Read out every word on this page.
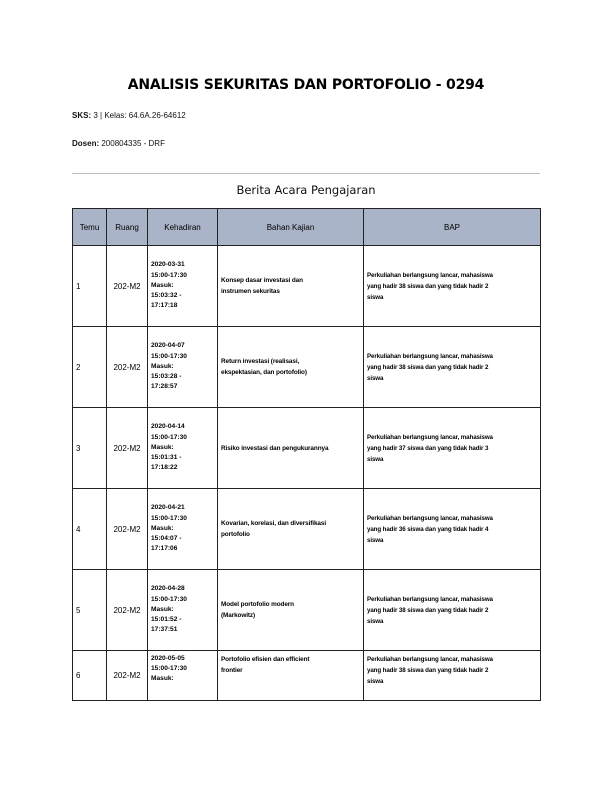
ANALISIS SEKURITAS DAN PORTOFOLIO - 0294
SKS: 3 | Kelas: 64.6A.26-64612
Dosen: 200804335 - DRF
Berita Acara Pengajaran
Temu	Ruang	Kehadiran	Bahan Kajian	BAP

1	202-M2	2020-03-31
15:00-17:30
Masuk:
15:03:32 -
17:17:18	Konsep dasar investasi dan
instrumen sekuritas	Perkuliahan berlangsung lancar, mahasiswa
yang hadir 38 siswa dan yang tidak hadir 2
siswa

2	202-M2	2020-04-07
15:00-17:30
Masuk:
15:03:28 -
17:28:57	Return investasi (realisasi,
ekspektasian, dan portofolio)	Perkuliahan berlangsung lancar, mahasiswa
yang hadir 38 siswa dan yang tidak hadir 2
siswa

3	202-M2	2020-04-14
15:00-17:30
Masuk:
15:01:31 -
17:18:22	Risiko investasi dan pengukurannya	Perkuliahan berlangsung lancar, mahasiswa
yang hadir 37 siswa dan yang tidak hadir 3
siswa

4	202-M2	2020-04-21
15:00-17:30
Masuk:
15:04:07 -
17:17:06	Kovarian, korelasi, dan diversifikasi
portofolio	Perkuliahan berlangsung lancar, mahasiswa
yang hadir 36 siswa dan yang tidak hadir 4
siswa

5	202-M2	2020-04-28
15:00-17:30
Masuk:
15:01:52 -
17:37:51	Model portofolio modern
(Markowitz)	Perkuliahan berlangsung lancar, mahasiswa
yang hadir 38 siswa dan yang tidak hadir 2
siswa

6	202-M2	2020-05-05
15:00-17:30
Masuk:	Portofolio efisien dan efficient
frontier	Perkuliahan berlangsung lancar, mahasiswa
yang hadir 38 siswa dan yang tidak hadir 2
siswa
